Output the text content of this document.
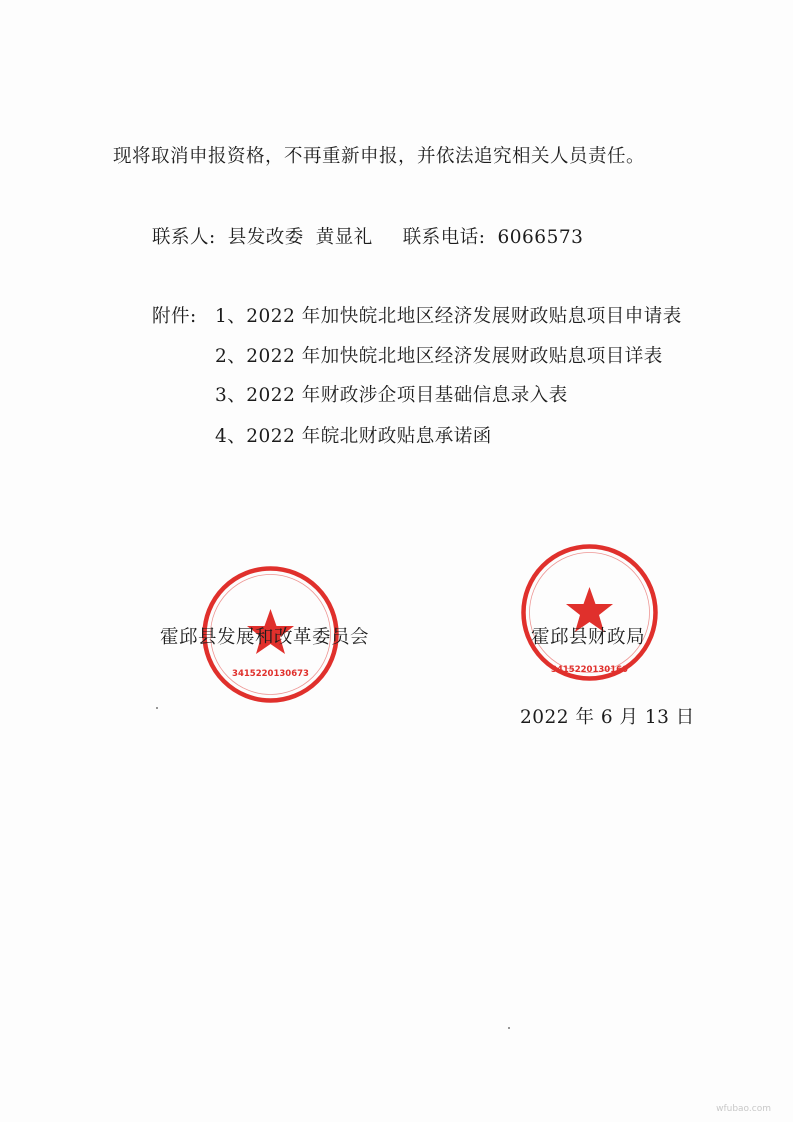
现将取消申报资格，不再重新申报，并依法追究相关人员责任。
联系人: 县发改委 黄显礼 联系电话: 6066573
附件: 1、2022 年加快皖北地区经济发展财政贴息项目申请表
2、2022 年加快皖北地区经济发展财政贴息项目详表
3、2022 年财政涉企项目基础信息录入表
4、2022 年皖北财政贴息承诺函
3415220130673	3415220130160
霍邱县发展和改革委员会	霍邱县财政局
2022 年 6 月 13 日
wfubao.com
